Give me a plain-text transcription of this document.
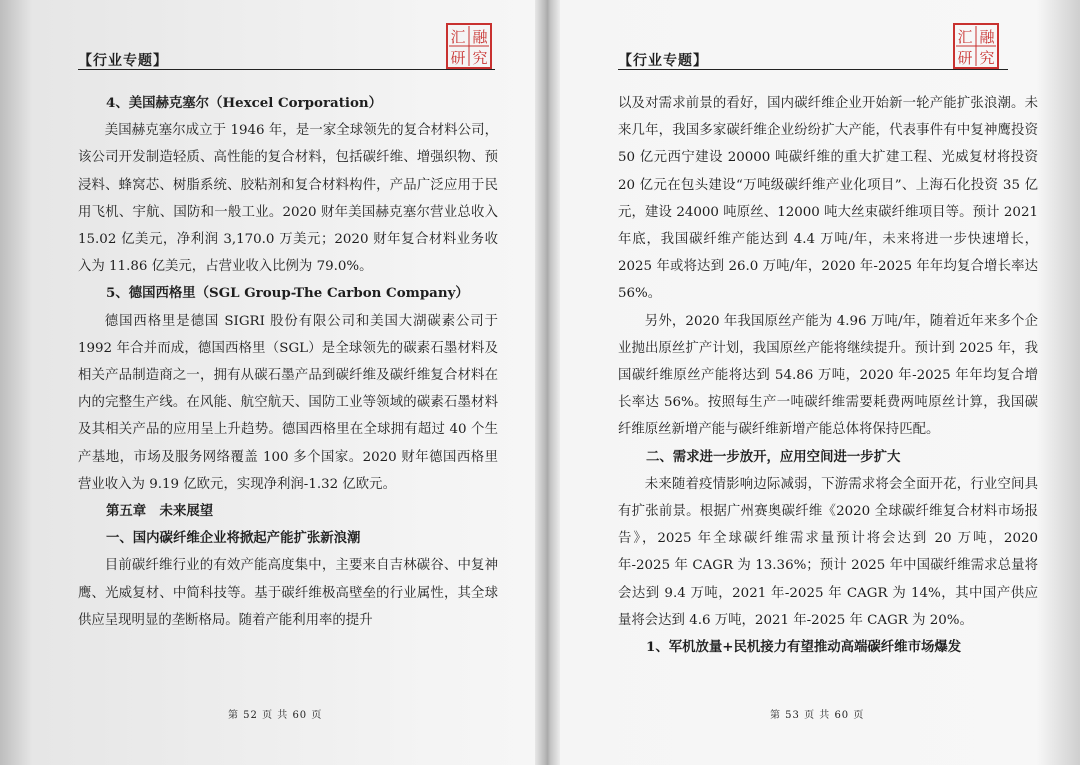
【行业专题】
汇 融
研 究

4、美国赫克塞尔（Hexcel Corporation）

美国赫克塞尔成立于 1946 年，是一家全球领先的复合材料公司，该公司开发制造轻质、高性能的复合材料，包括碳纤维、增强织物、预浸料、蜂窝芯、树脂系统、胶粘剂和复合材料构件，产品广泛应用于民用飞机、宇航、国防和一般工业。2020 财年美国赫克塞尔营业总收入 15.02 亿美元，净利润 3,170.0 万美元；2020 财年复合材料业务收入为 11.86 亿美元，占营业收入比例为 79.0%。

5、德国西格里（SGL Group-The Carbon Company）

德国西格里是德国 SIGRI 股份有限公司和美国大湖碳素公司于 1992 年合并而成，德国西格里（SGL）是全球领先的碳素石墨材料及相关产品制造商之一，拥有从碳石墨产品到碳纤维及碳纤维复合材料在内的完整生产线。在风能、航空航天、国防工业等领域的碳素石墨材料及其相关产品的应用呈上升趋势。德国西格里在全球拥有超过 40 个生产基地，市场及服务网络覆盖 100 多个国家。2020 财年德国西格里营业收入为 9.19 亿欧元，实现净利润-1.32 亿欧元。

第五章　未来展望

一、国内碳纤维企业将掀起产能扩张新浪潮

目前碳纤维行业的有效产能高度集中，主要来自吉林碳谷、中复神鹰、光威复材、中简科技等。基于碳纤维极高壁垒的行业属性，其全球供应呈现明显的垄断格局。随着产能利用率的提升

第 52 页 共 60 页
【行业专题】
汇 融
研 究

以及对需求前景的看好，国内碳纤维企业开始新一轮产能扩张浪潮。未来几年，我国多家碳纤维企业纷纷扩大产能，代表事件有中复神鹰投资 50 亿元西宁建设 20000 吨碳纤维的重大扩建工程、光威复材将投资 20 亿元在包头建设“万吨级碳纤维产业化项目”、上海石化投资 35 亿元，建设 24000 吨原丝、12000 吨大丝束碳纤维项目等。预计 2021 年底，我国碳纤维产能达到 4.4 万吨/年，未来将进一步快速增长，2025 年或将达到 26.0 万吨/年，2020 年-2025 年年均复合增长率达 56%。

另外，2020 年我国原丝产能为 4.96 万吨/年，随着近年来多个企业抛出原丝扩产计划，我国原丝产能将继续提升。预计到 2025 年，我国碳纤维原丝产能将达到 54.86 万吨，2020 年-2025 年年均复合增长率达 56%。按照每生产一吨碳纤维需要耗费两吨原丝计算，我国碳纤维原丝新增产能与碳纤维新增产能总体将保持匹配。

二、需求进一步放开，应用空间进一步扩大

未来随着疫情影响边际减弱，下游需求将会全面开花，行业空间具有扩张前景。根据广州赛奥碳纤维《2020 全球碳纤维复合材料市场报告》，2025 年全球碳纤维需求量预计将会达到 20 万吨，2020 年-2025 年 CAGR 为 13.36%；预计 2025 年中国碳纤维需求总量将会达到 9.4 万吨，2021 年-2025 年 CAGR 为 14%，其中国产供应量将会达到 4.6 万吨，2021 年-2025 年 CAGR 为 20%。

1、军机放量+民机接力有望推动高端碳纤维市场爆发

第 53 页 共 60 页
